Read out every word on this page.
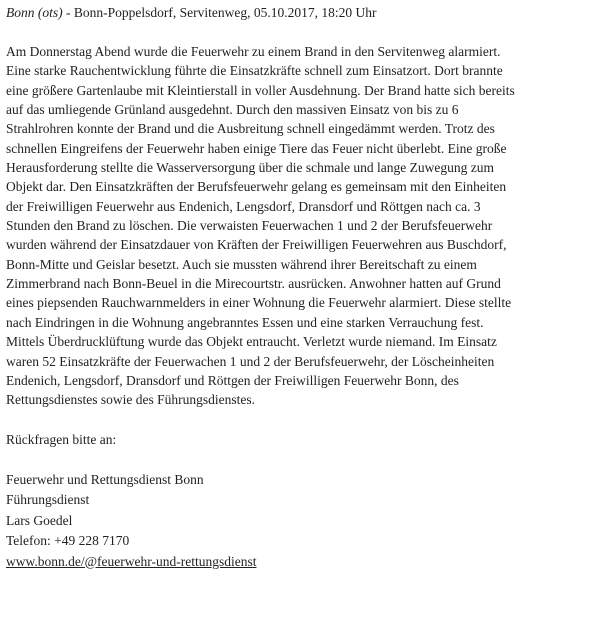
Bonn (ots) - Bonn-Poppelsdorf, Servitenweg, 05.10.2017, 18:20 Uhr

Am Donnerstag Abend wurde die Feuerwehr zu einem Brand in den Servitenweg alarmiert.
Eine starke Rauchentwicklung führte die Einsatzkräfte schnell zum Einsatzort. Dort brannte
eine größere Gartenlaube mit Kleintierstall in voller Ausdehnung. Der Brand hatte sich bereits
auf das umliegende Grünland ausgedehnt. Durch den massiven Einsatz von bis zu 6
Strahlrohren konnte der Brand und die Ausbreitung schnell eingedämmt werden. Trotz des
schnellen Eingreifens der Feuerwehr haben einige Tiere das Feuer nicht überlebt. Eine große
Herausforderung stellte die Wasserversorgung über die schmale und lange Zuwegung zum
Objekt dar. Den Einsatzkräften der Berufsfeuerwehr gelang es gemeinsam mit den Einheiten
der Freiwilligen Feuerwehr aus Endenich, Lengsdorf, Dransdorf und Röttgen nach ca. 3
Stunden den Brand zu löschen. Die verwaisten Feuerwachen 1 und 2 der Berufsfeuerwehr
wurden während der Einsatzdauer von Kräften der Freiwilligen Feuerwehren aus Buschdorf,
Bonn-Mitte und Geislar besetzt. Auch sie mussten während ihrer Bereitschaft zu einem
Zimmerbrand nach Bonn-Beuel in die Mirecourtstr. ausrücken. Anwohner hatten auf Grund
eines piepsenden Rauchwarnmelders in einer Wohnung die Feuerwehr alarmiert. Diese stellte
nach Eindringen in die Wohnung angebranntes Essen und eine starken Verrauchung fest.
Mittels Überdrucklüftung wurde das Objekt entraucht. Verletzt wurde niemand. Im Einsatz
waren 52 Einsatzkräfte der Feuerwachen 1 und 2 der Berufsfeuerwehr, der Löscheinheiten
Endenich, Lengsdorf, Dransdorf und Röttgen der Freiwilligen Feuerwehr Bonn, des
Rettungsdienstes sowie des Führungsdienstes.

Rückfragen bitte an:

Feuerwehr und Rettungsdienst Bonn
Führungsdienst
Lars Goedel
Telefon: +49 228 7170
www.bonn.de/@feuerwehr-und-rettungsdienst
